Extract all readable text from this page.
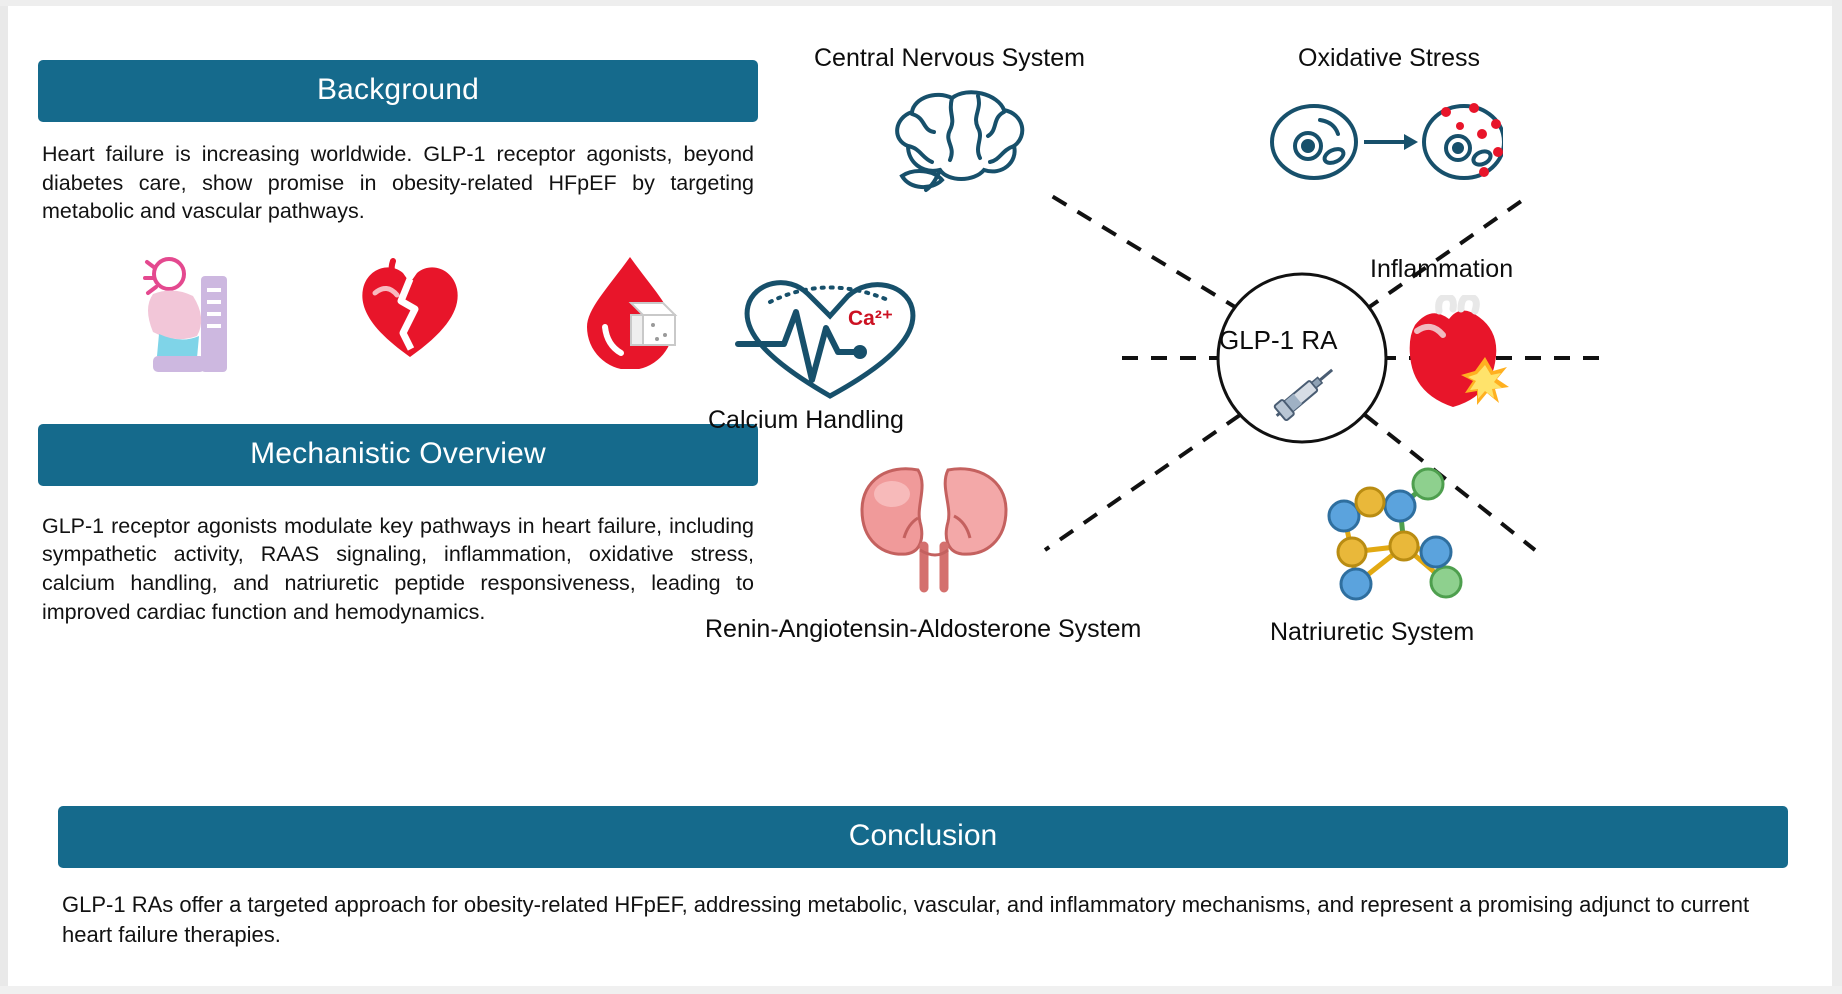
Background
Heart failure is increasing worldwide. GLP-1 receptor agonists, beyond diabetes care, show promise in obesity-related HFpEF by targeting metabolic and vascular pathways.
Mechanistic Overview
GLP-1 receptor agonists modulate key pathways in heart failure, including sympathetic activity, RAAS signaling, inflammation, oxidative stress, calcium handling, and natriuretic peptide responsiveness, leading to improved cardiac function and hemodynamics.
Conclusion
GLP-1 RAs offer a targeted approach for obesity-related HFpEF, addressing metabolic, vascular, and inflammatory mechanisms, and represent a promising adjunct to current heart failure therapies.
GLP-1 RA
Central Nervous System	Oxidative Stress
Inflammation
Calcium Handling
Ca²⁺
Renin-Angiotensin-Aldosterone System	Natriuretic System
